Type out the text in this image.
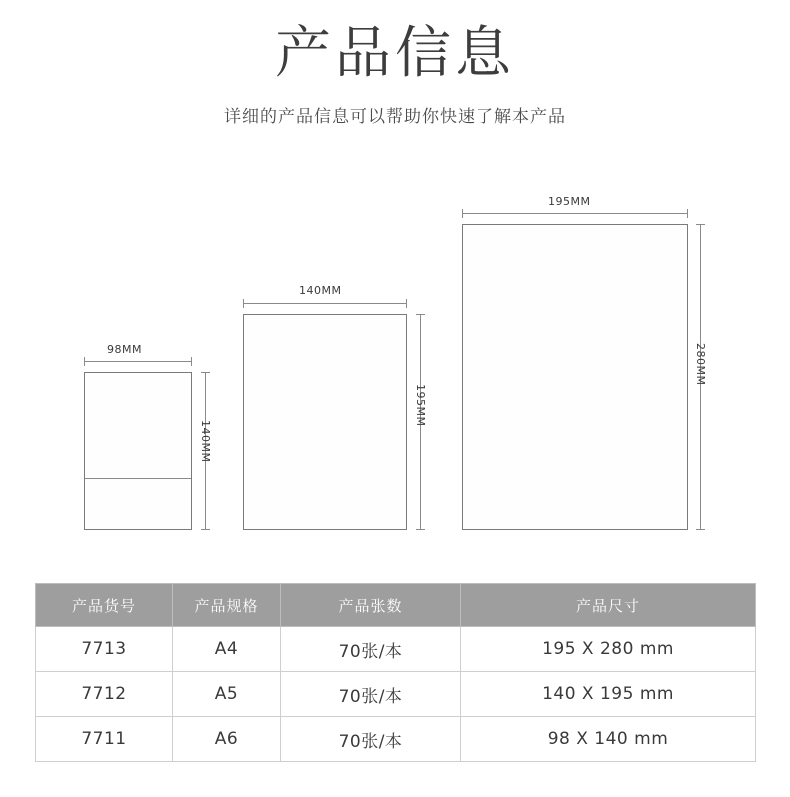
产品信息
详细的产品信息可以帮助你快速了解本产品
98MM
140MM
140MM
195MM
195MM
280MM
产品货号	产品规格	产品张数	产品尺寸
7713	A4	70张/本	195 X 280 mm
7712	A5	70张/本	140 X 195 mm
7711	A6	70张/本	98 X 140 mm
